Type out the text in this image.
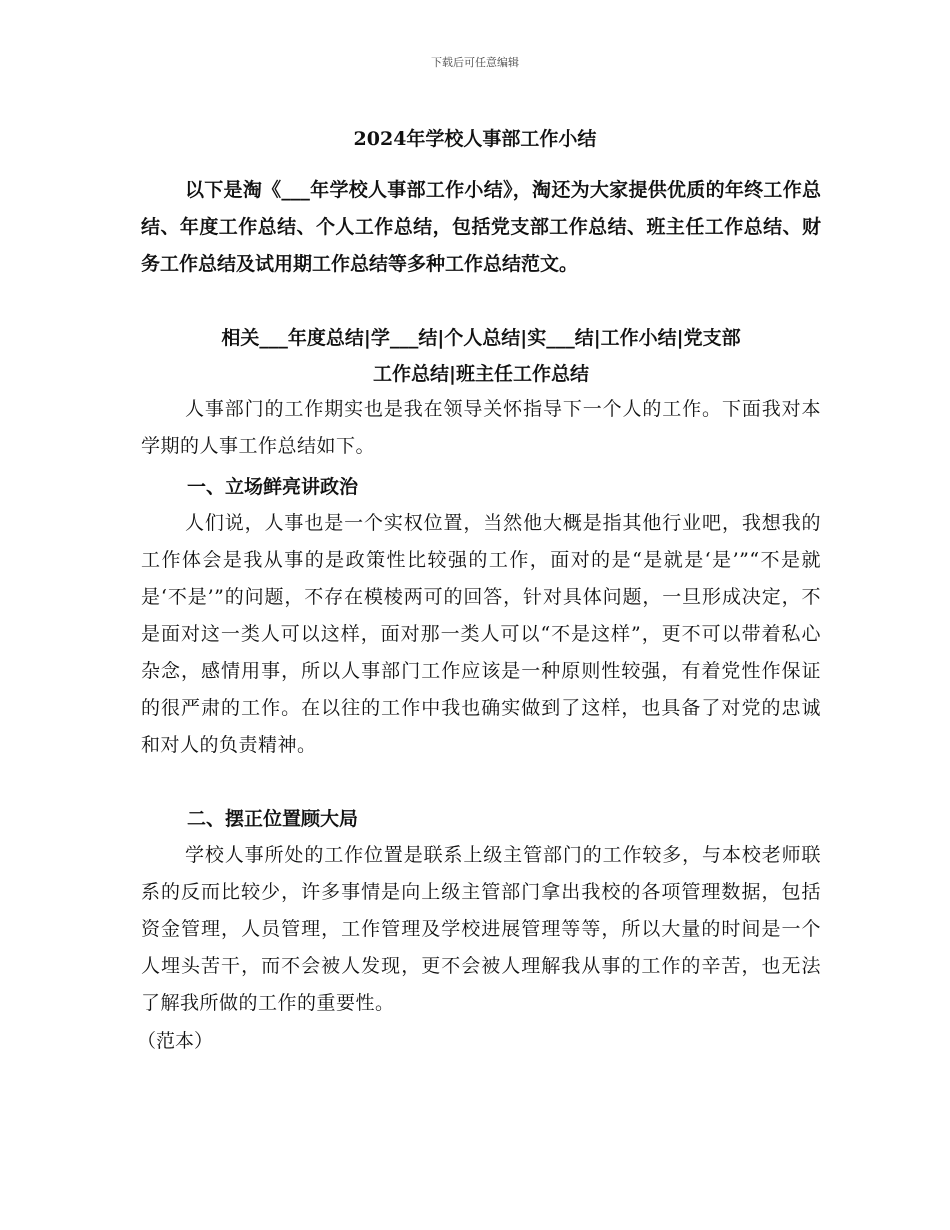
下载后可任意编辑
2024年学校人事部工作小结

以下是淘《___年学校人事部工作小结》，淘还为大家提供优质的年终工作总结、年度工作总结、个人工作总结，包括党支部工作总结、班主任工作总结、财务工作总结及试用期工作总结等多种工作总结范文。

相关___年度总结|学___结|个人总结|实___结|工作小结|党支部
工作总结|班主任工作总结

人事部门的工作期实也是我在领导关怀指导下一个人的工作。下面我对本学期的人事工作总结如下。

一、立场鲜亮讲政治

人们说，人事也是一个实权位置，当然他大概是指其他行业吧，我想我的工作体会是我从事的是政策性比较强的工作，面对的是“是就是‘是’”“不是就是‘不是’”的问题，不存在模棱两可的回答，针对具体问题，一旦形成决定，不是面对这一类人可以这样，面对那一类人可以“不是这样”，更不可以带着私心杂念，感情用事，所以人事部门工作应该是一种原则性较强，有着党性作保证的很严肃的工作。在以往的工作中我也确实做到了这样，也具备了对党的忠诚和对人的负责精神。

二、摆正位置顾大局

学校人事所处的工作位置是联系上级主管部门的工作较多，与本校老师联系的反而比较少，许多事情是向上级主管部门拿出我校的各项管理数据，包括资金管理，人员管理，工作管理及学校进展管理等等，所以大量的时间是一个人埋头苦干，而不会被人发现，更不会被人理解我从事的工作的辛苦，也无法了解我所做的工作的重要性。

（范本）
